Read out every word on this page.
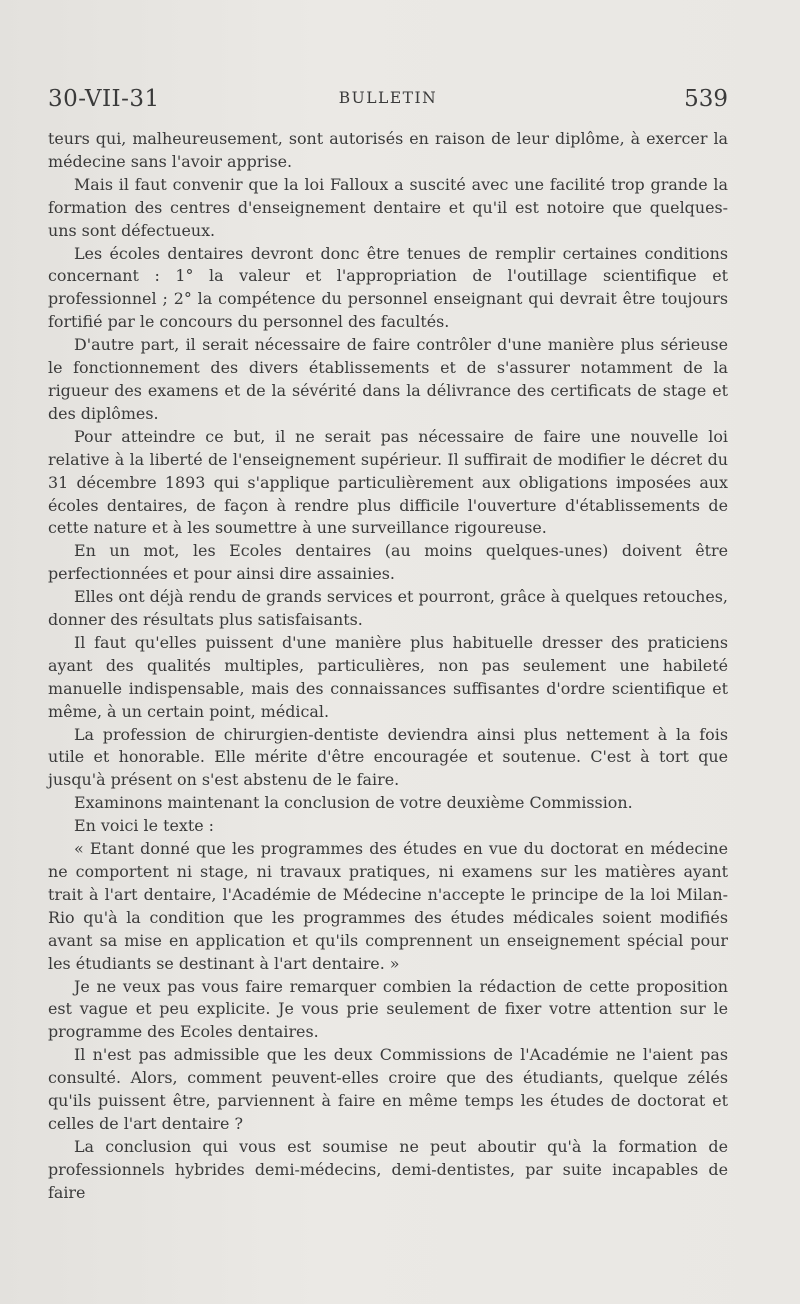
30-VII-31	BULLETIN	539

teurs qui, malheureusement, sont autorisés en raison de leur diplôme, à exercer la médecine sans l'avoir apprise.

Mais il faut convenir que la loi Falloux a suscité avec une facilité trop grande la formation des centres d'enseignement dentaire et qu'il est notoire que quelques-uns sont défectueux.

Les écoles dentaires devront donc être tenues de remplir certaines conditions concernant : 1° la valeur et l'appropriation de l'outillage scientifique et professionnel ; 2° la compétence du personnel enseignant qui devrait être toujours fortifié par le concours du personnel des facultés.

D'autre part, il serait nécessaire de faire contrôler d'une manière plus sérieuse le fonctionnement des divers établissements et de s'assurer notamment de la rigueur des examens et de la sévérité dans la délivrance des certificats de stage et des diplômes.

Pour atteindre ce but, il ne serait pas nécessaire de faire une nouvelle loi relative à la liberté de l'enseignement supérieur. Il suffirait de modifier le décret du 31 décembre 1893 qui s'applique particulièrement aux obligations imposées aux écoles dentaires, de façon à rendre plus difficile l'ouverture d'établissements de cette nature et à les soumettre à une surveillance rigoureuse.

En un mot, les Ecoles dentaires (au moins quelques-unes) doivent être perfectionnées et pour ainsi dire assainies.

Elles ont déjà rendu de grands services et pourront, grâce à quelques retouches, donner des résultats plus satisfaisants.

Il faut qu'elles puissent d'une manière plus habituelle dresser des praticiens ayant des qualités multiples, particulières, non pas seulement une habileté manuelle indispensable, mais des connaissances suffisantes d'ordre scientifique et même, à un certain point, médical.

La profession de chirurgien-dentiste deviendra ainsi plus nettement à la fois utile et honorable. Elle mérite d'être encouragée et soutenue. C'est à tort que jusqu'à présent on s'est abstenu de le faire.

Examinons maintenant la conclusion de votre deuxième Commission.

En voici le texte :

« Etant donné que les programmes des études en vue du doctorat en médecine ne comportent ni stage, ni travaux pratiques, ni examens sur les matières ayant trait à l'art dentaire, l'Académie de Médecine n'accepte le principe de la loi Milan-Rio qu'à la condition que les programmes des études médicales soient modifiés avant sa mise en application et qu'ils comprennent un enseignement spécial pour les étudiants se destinant à l'art dentaire. »

Je ne veux pas vous faire remarquer combien la rédaction de cette proposition est vague et peu explicite. Je vous prie seulement de fixer votre attention sur le programme des Ecoles dentaires.

Il n'est pas admissible que les deux Commissions de l'Académie ne l'aient pas consulté. Alors, comment peuvent-elles croire que des étudiants, quelque zélés qu'ils puissent être, parviennent à faire en même temps les études de doctorat et celles de l'art dentaire ?

La conclusion qui vous est soumise ne peut aboutir qu'à la formation de professionnels hybrides demi-médecins, demi-dentistes, par suite incapables de faire
